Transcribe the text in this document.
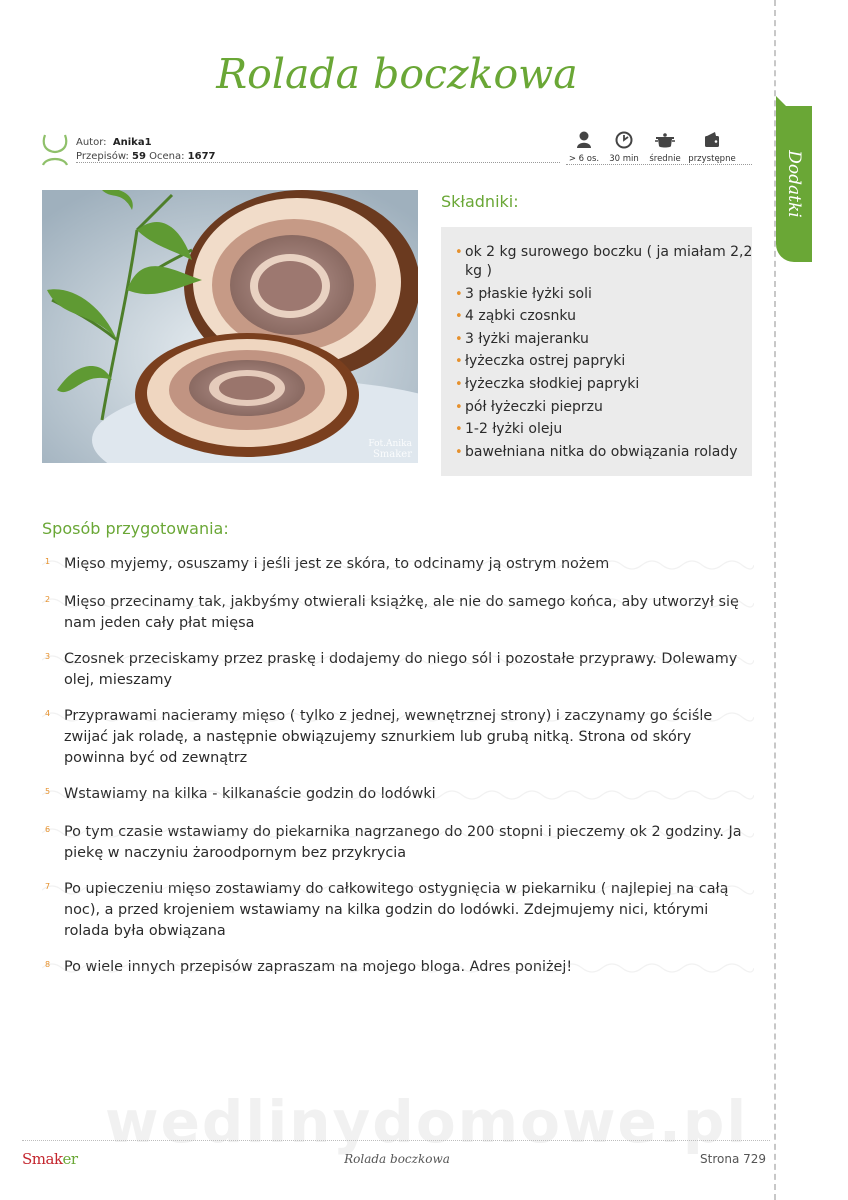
Dodatki
Rolada boczkowa
Autor: Anika1
Przepisów: 59 Ocena: 1677	> 6 os.	30 min	średnie przystępne
Fot.Anika
Smaker
Składniki:
• ok 2 kg surowego boczku ( ja miałam 2,2 kg )
• 3 płaskie łyżki soli
• 4 ząbki czosnku
• 3 łyżki majeranku
• łyżeczka ostrej papryki
• łyżeczka słodkiej papryki
• pół łyżeczki pieprzu
• 1-2 łyżki oleju
• bawełniana nitka do obwiązania rolady
Sposób przygotowania:
1 Mięso myjemy, osuszamy i jeśli jest ze skóra, to odcinamy ją ostrym nożem
2 Mięso przecinamy tak, jakbyśmy otwierali książkę, ale nie do samego końca, aby utworzył się nam jeden cały płat mięsa
3 Czosnek przeciskamy przez praskę i dodajemy do niego sól i pozostałe przyprawy. Dolewamy olej, mieszamy
4 Przyprawami nacieramy mięso ( tylko z jednej, wewnętrznej strony) i zaczynamy go ściśle zwijać jak roladę, a następnie obwiązujemy sznurkiem lub grubą nitką. Strona od skóry powinna być od zewnątrz
5 Wstawiamy na kilka - kilkanaście godzin do lodówki
6 Po tym czasie wstawiamy do piekarnika nagrzanego do 200 stopni i pieczemy ok 2 godziny. Ja piekę w naczyniu żaroodpornym bez przykrycia
7 Po upieczeniu mięso zostawiamy do całkowitego ostygnięcia w piekarniku ( najlepiej na całą noc), a przed krojeniem wstawiamy na kilka godzin do lodówki. Zdejmujemy nici, którymi rolada była obwiązana
8 Po wiele innych przepisów zapraszam na mojego bloga. Adres poniżej!
wedlinydomowe.pl
Smaker	Rolada boczkowa	Strona 729
